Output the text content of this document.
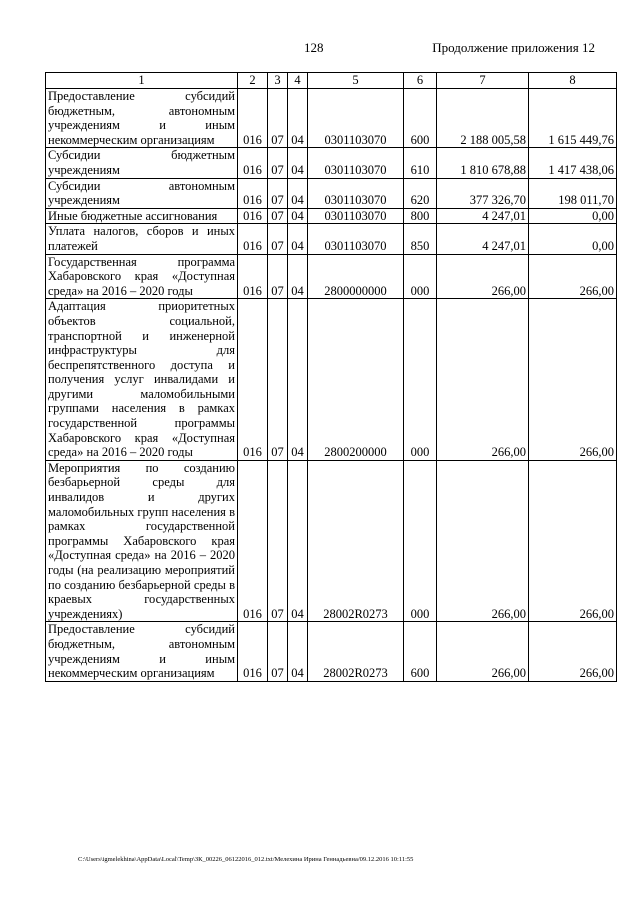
128	Продолжение приложения 12
1	2	3	4	5	6	7	8
Предоставление субсидий бюджетным, автономным учреждениям и иным некоммерческим организациям	016	07	04	0301103070	600	2 188 005,58	1 615 449,76
Субсидии бюджетным учреждениям	016	07	04	0301103070	610	1 810 678,88	1 417 438,06
Субсидии автономным учреждениям	016	07	04	0301103070	620	377 326,70	198 011,70
Иные бюджетные ассигнования	016	07	04	0301103070	800	4 247,01	0,00
Уплата налогов, сборов и иных платежей	016	07	04	0301103070	850	4 247,01	0,00
Государственная программа Хабаровского края «Доступная среда» на 2016 – 2020 годы	016	07	04	2800000000	000	266,00	266,00
Адаптация приоритетных объектов социальной, транспортной и инженерной инфраструктуры для беспрепятственного доступа и получения услуг инвалидами и другими маломобильными группами населения в рамках государственной программы Хабаровского края «Доступная среда» на 2016 – 2020 годы	016	07	04	2800200000	000	266,00	266,00
Мероприятия по созданию безбарьерной среды для инвалидов и других маломобильных групп населения в рамках государственной программы Хабаровского края «Доступная среда» на 2016 – 2020 годы (на реализацию мероприятий по созданию безбарьерной среды в краевых государственных учреждениях)	016	07	04	28002R0273	000	266,00	266,00
Предоставление субсидий бюджетным, автономным учреждениям и иным некоммерческим организациям	016	07	04	28002R0273	600	266,00	266,00
C:\Users\igmelekhina\AppData\Local\Temp\ЗК_00226_06122016_012.txt/Мелехина Ирина Геннадьевна/09.12.2016 10:11:55
